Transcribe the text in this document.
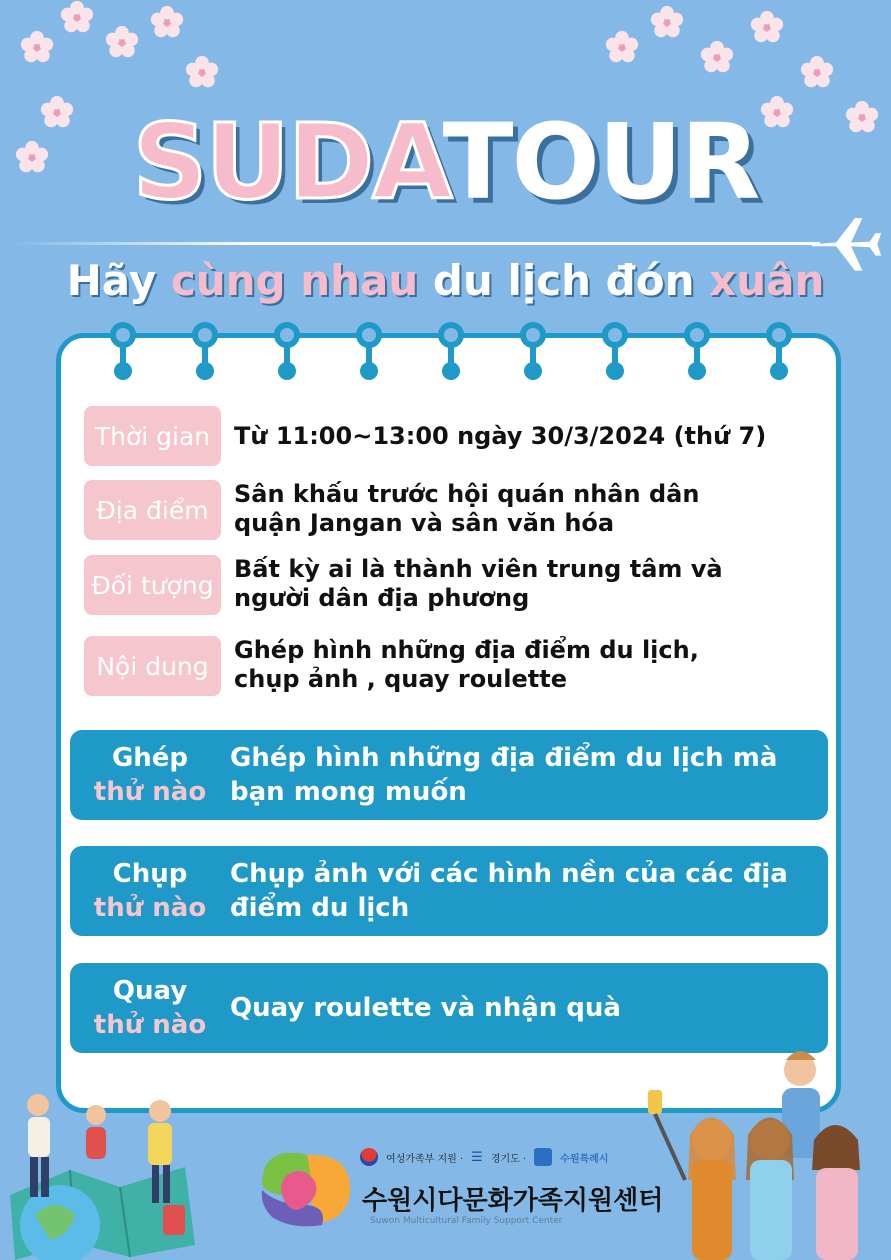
SUDATOUR
Hãy cùng nhau du lịch đón xuân
Thời gian Từ 11:00~13:00 ngày 30/3/2024 (thứ 7)
Địa điểm
Sân khấu trước hội quán nhân dân quận Jangan và sân văn hóa
Đối tượng
Bất kỳ ai là thành viên trung tâm và người dân địa phương
Nội dung
Ghép hình những địa điểm du lịch, chụp ảnh , quay roulette
Ghép
thử nào
Ghép hình những địa điểm du lịch mà bạn mong muốn
Chụp
thử nào
Chụp ảnh với các hình nền của các địa điểm du lịch
Quay
thử nào
Quay roulette và nhận quà
여성가족부 지원 · ☰ 경기도 ·	수원특례시
수원시다문화가족지원센터
Suwon Multicultural Family Support Center
